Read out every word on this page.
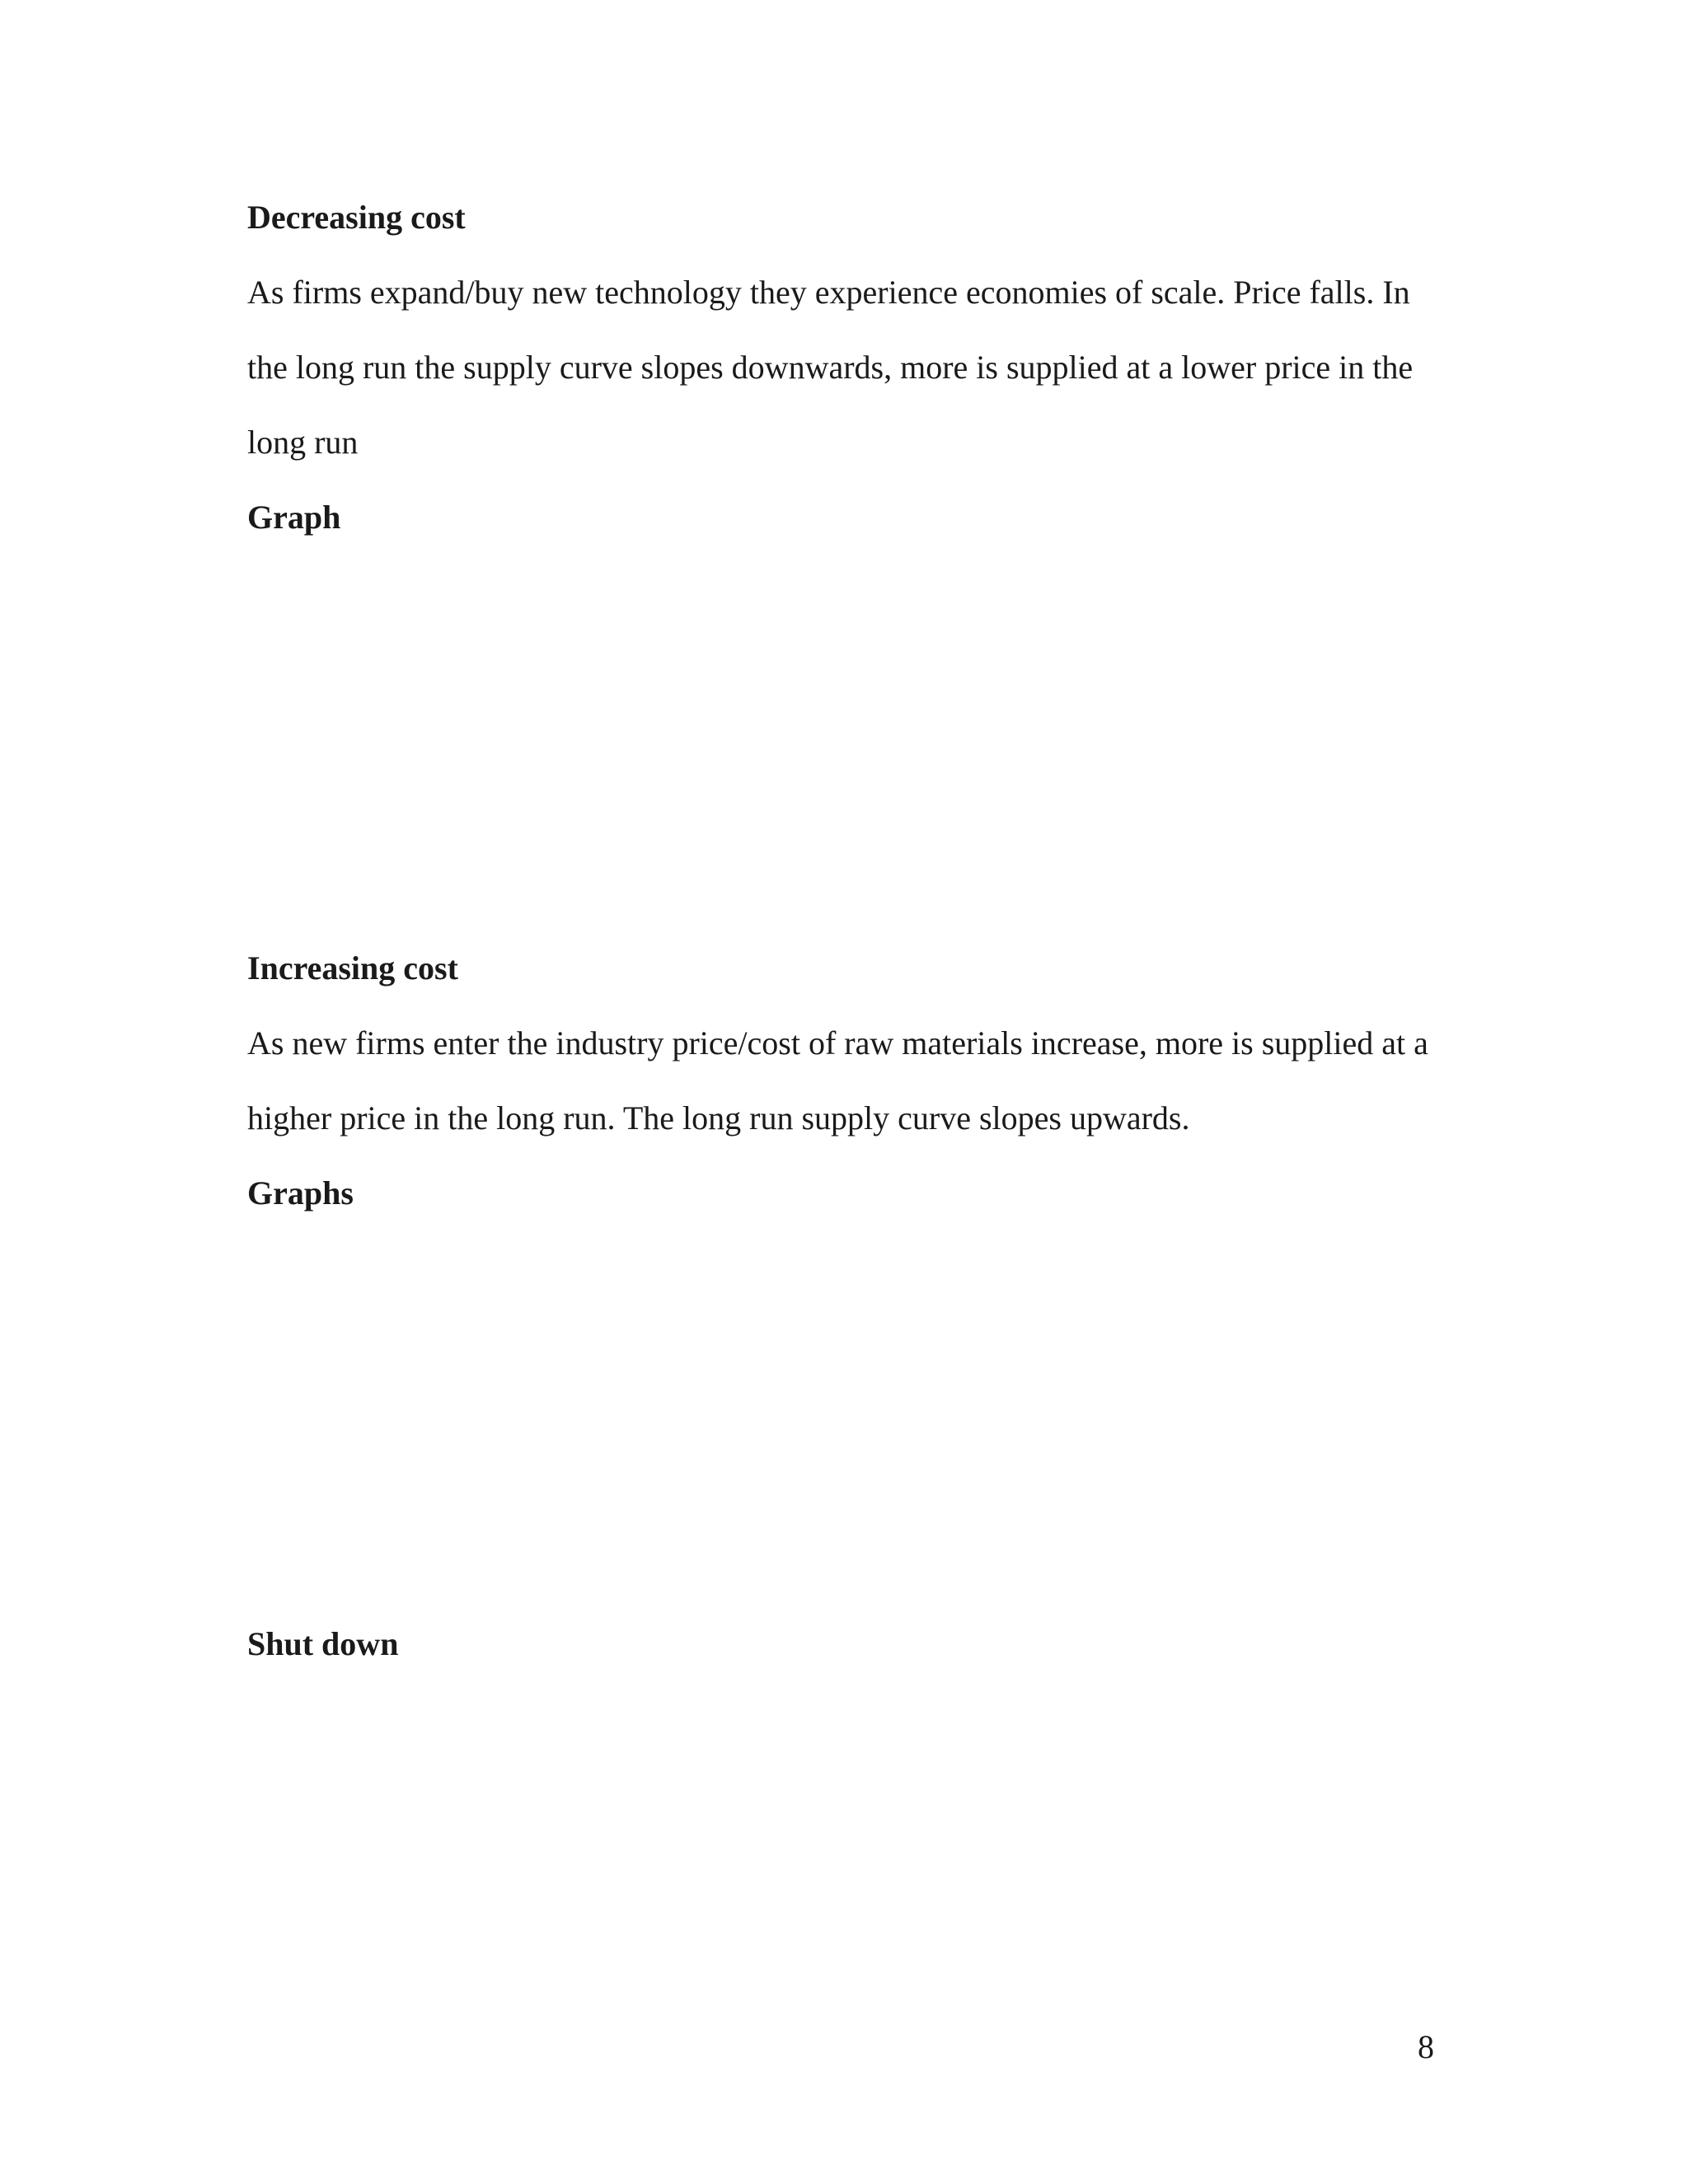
Decreasing cost
As firms expand/buy new technology they experience economies of scale. Price falls. In
the long run the supply curve slopes downwards, more is supplied at a lower price in the
long run
Graph
Increasing cost
As new firms enter the industry price/cost of raw materials increase, more is supplied at a
higher price in the long run. The long run supply curve slopes upwards.
Graphs
Shut down
8
